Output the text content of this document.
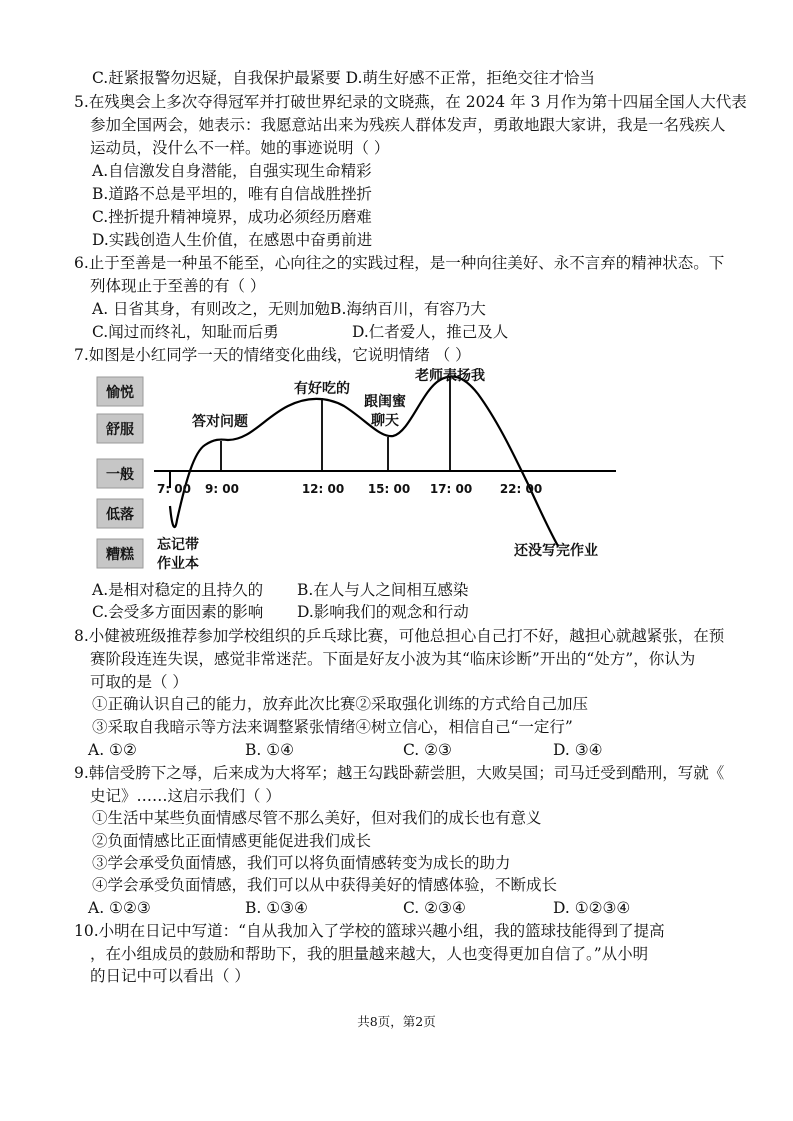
C.赶紧报警勿迟疑，自我保护最紧要 D.萌生好感不正常，拒绝交往才恰当
5.在残奥会上多次夺得冠军并打破世界纪录的文晓燕，在 2024 年 3 月作为第十四届全国人大代表
参加全国两会，她表示：我愿意站出来为残疾人群体发声，勇敢地跟大家讲，我是一名残疾人
运动员，没什么不一样。她的事迹说明（ ）
A.自信激发自身潜能，自强实现生命精彩
B.道路不总是平坦的，唯有自信战胜挫折
C.挫折提升精神境界，成功必须经历磨难
D.实践创造人生价值，在感恩中奋勇前进
6.止于至善是一种虽不能至，心向往之的实践过程，是一种向往美好、永不言弃的精神状态。下
列体现止于至善的有（ ）
A. 日省其身，有则改之，无则加勉B.海纳百川，有容乃大
C.闻过而终礼，知耻而后勇	D.仁者爱人，推己及人
7.如图是小红同学一天的情绪变化曲线，它说明情绪 （ ）
愉悦
舒服
一般
低落
糟糕
7: 00 9: 00	12: 00 15: 00 17: 00 22: 00
忘记带
作业本
答对问题
有好吃的
跟闺蜜
聊天
老师表扬我
还没写完作业
A.是相对稳定的且持久的 B.在人与人之间相互感染
C.会受多方面因素的影响 D.影响我们的观念和行动
8.小健被班级推荐参加学校组织的乒乓球比赛，可他总担心自己打不好，越担心就越紧张，在预
赛阶段连连失误，感觉非常迷茫。下面是好友小波为其“临床诊断”开出的“处方”，你认为
可取的是（ ）
①正确认识自己的能力，放弃此次比赛②采取强化训练的方式给自己加压
③采取自我暗示等方法来调整紧张情绪④树立信心，相信自己“一定行”
A. ①②	B. ①④	C. ②③	D. ③④
9.韩信受胯下之辱，后来成为大将军；越王勾践卧薪尝胆，大败吴国；司马迁受到酷刑，写就《
史记》……这启示我们（ ）
①生活中某些负面情感尽管不那么美好，但对我们的成长也有意义
②负面情感比正面情感更能促进我们成长
③学会承受负面情感，我们可以将负面情感转变为成长的助力
④学会承受负面情感，我们可以从中获得美好的情感体验，不断成长
A. ①②③	B. ①③④	C. ②③④	D. ①②③④
10.小明在日记中写道：“自从我加入了学校的篮球兴趣小组，我的篮球技能得到了提高
，在小组成员的鼓励和帮助下，我的胆量越来越大，人也变得更加自信了。”从小明
的日记中可以看出（ ）
共8页，第2页
